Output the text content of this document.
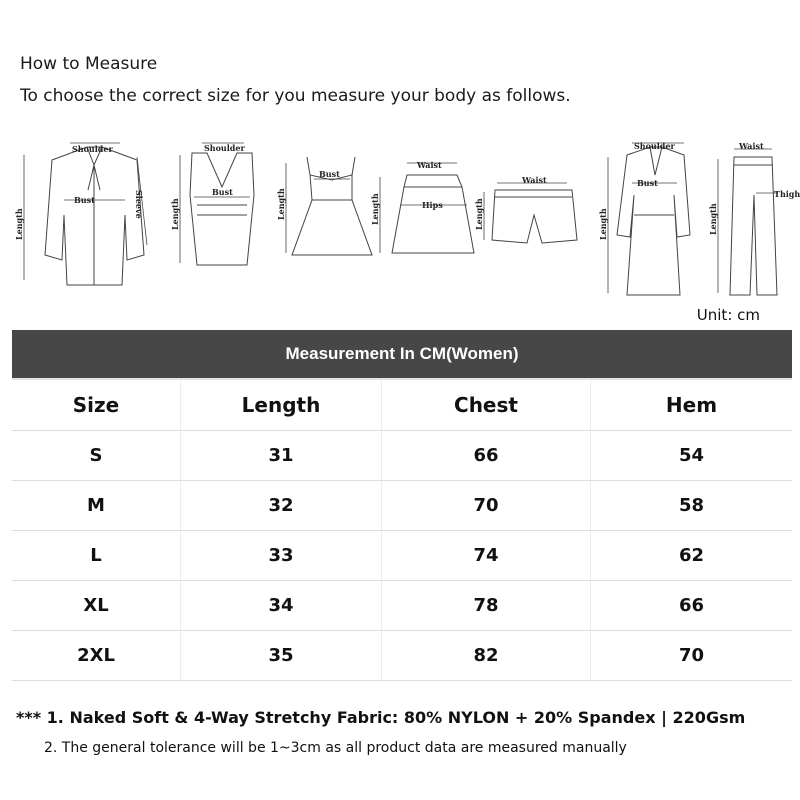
How to Measure
To choose the correct size for you measure your body as follows.
Shoulder
Bust
Length
Sleeve
Shoulder
Bust
Length
Bust
Length
Waist
Hips
Length
Waist
Length
Shoulder
Bust
Length
Waist
Thigh
Length
Unit: cm
Measurement In CM(Women)
Size	Length	Chest	Hem
S	31	66	54
M	32	70	58
L	33	74	62
XL	34	78	66
2XL	35	82	70
*** 1. Naked Soft & 4-Way Stretchy Fabric: 80% NYLON + 20% Spandex | 220Gsm
2. The general tolerance will be 1~3cm as all product data are measured manually
